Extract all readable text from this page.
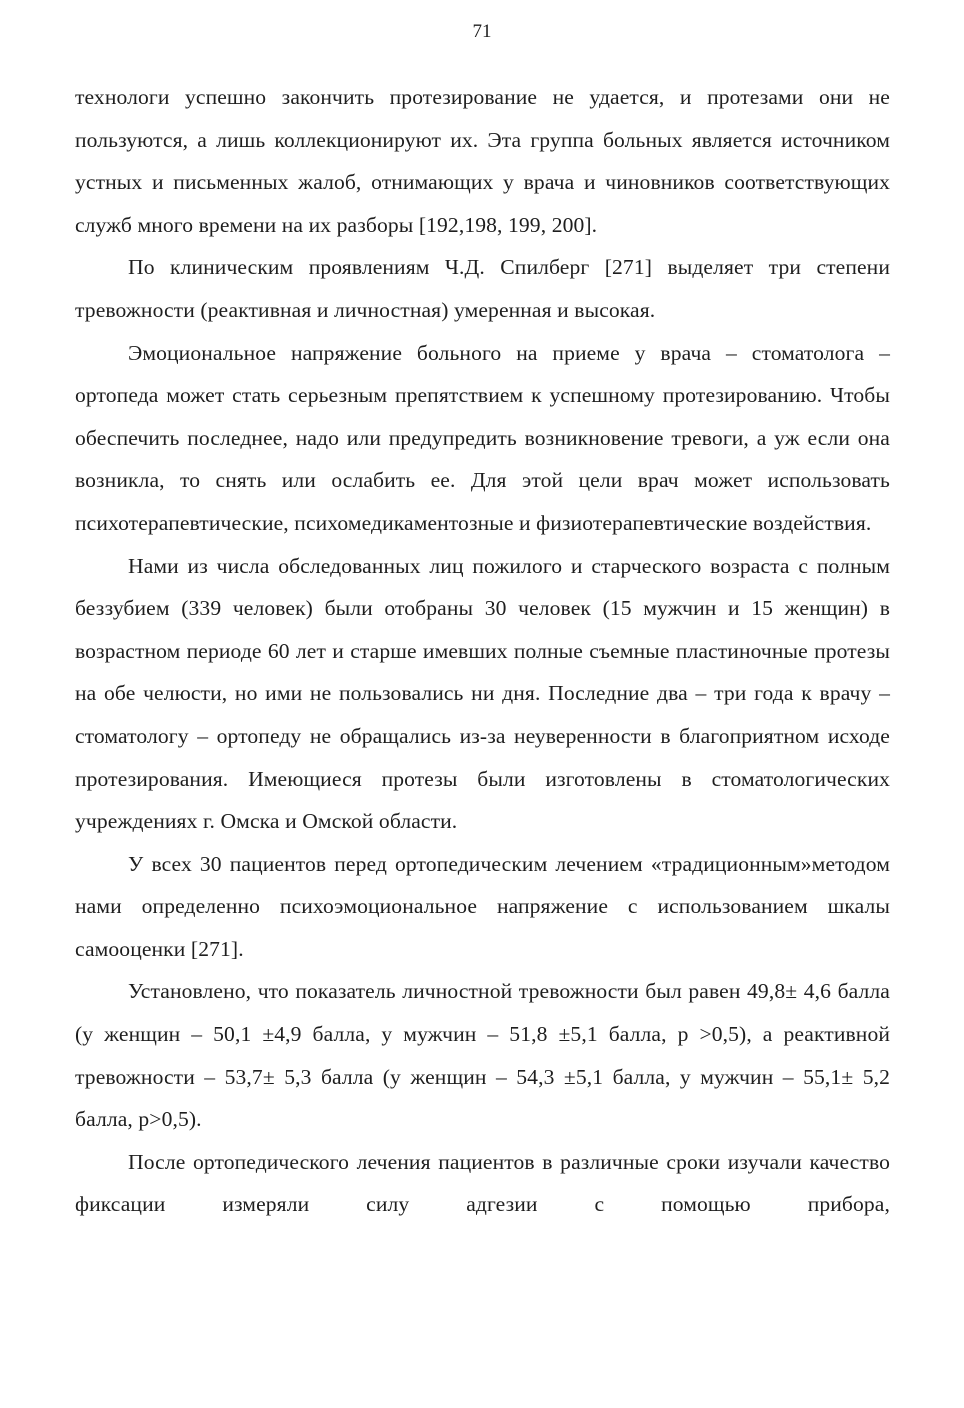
71

технологи успешно закончить протезирование не удается, и протезами они не пользуются, а лишь коллекционируют их. Эта группа больных является источником устных и письменных жалоб, отнимающих у врача и чиновников соответствующих служб много времени на их разборы [192,198, 199, 200].

По клиническим проявлениям Ч.Д. Спилберг [271] выделяет три степени тревожности (реактивная и личностная) умеренная и высокая.

Эмоциональное напряжение больного на приеме у врача – стоматолога – ортопеда может стать серьезным препятствием к успешному протезированию. Чтобы обеспечить последнее, надо или предупредить возникновение тревоги, а уж если она возникла, то снять или ослабить ее. Для этой цели врач может использовать психотерапевтические, психомедикаментозные и физиотерапевтические воздействия.

Нами из числа обследованных лиц пожилого и старческого возраста с полным беззубием (339 человек) были отобраны 30 человек (15 мужчин и 15 женщин) в возрастном периоде 60 лет и старше имевших полные съемные пластиночные протезы на обе челюсти, но ими не пользовались ни дня. Последние два – три года к врачу – стоматологу – ортопеду не обращались из-за неуверенности в благоприятном исходе протезирования. Имеющиеся протезы были изготовлены в стоматологических учреждениях г. Омска и Омской области.

У всех 30 пациентов перед ортопедическим лечением «традиционным»методом нами определенно психоэмоциональное напряжение с использованием шкалы самооценки [271].

Установлено, что показатель личностной тревожности был равен 49,8± 4,6 балла (у женщин – 50,1 ±4,9 балла, у мужчин – 51,8 ±5,1 балла, р >0,5), а реактивной тревожности – 53,7± 5,3 балла (у женщин – 54,3 ±5,1 балла, у мужчин – 55,1± 5,2 балла, р>0,5).

После ортопедического лечения пациентов в различные сроки изучали качество фиксации измеряли силу адгезии с помощью прибора,
